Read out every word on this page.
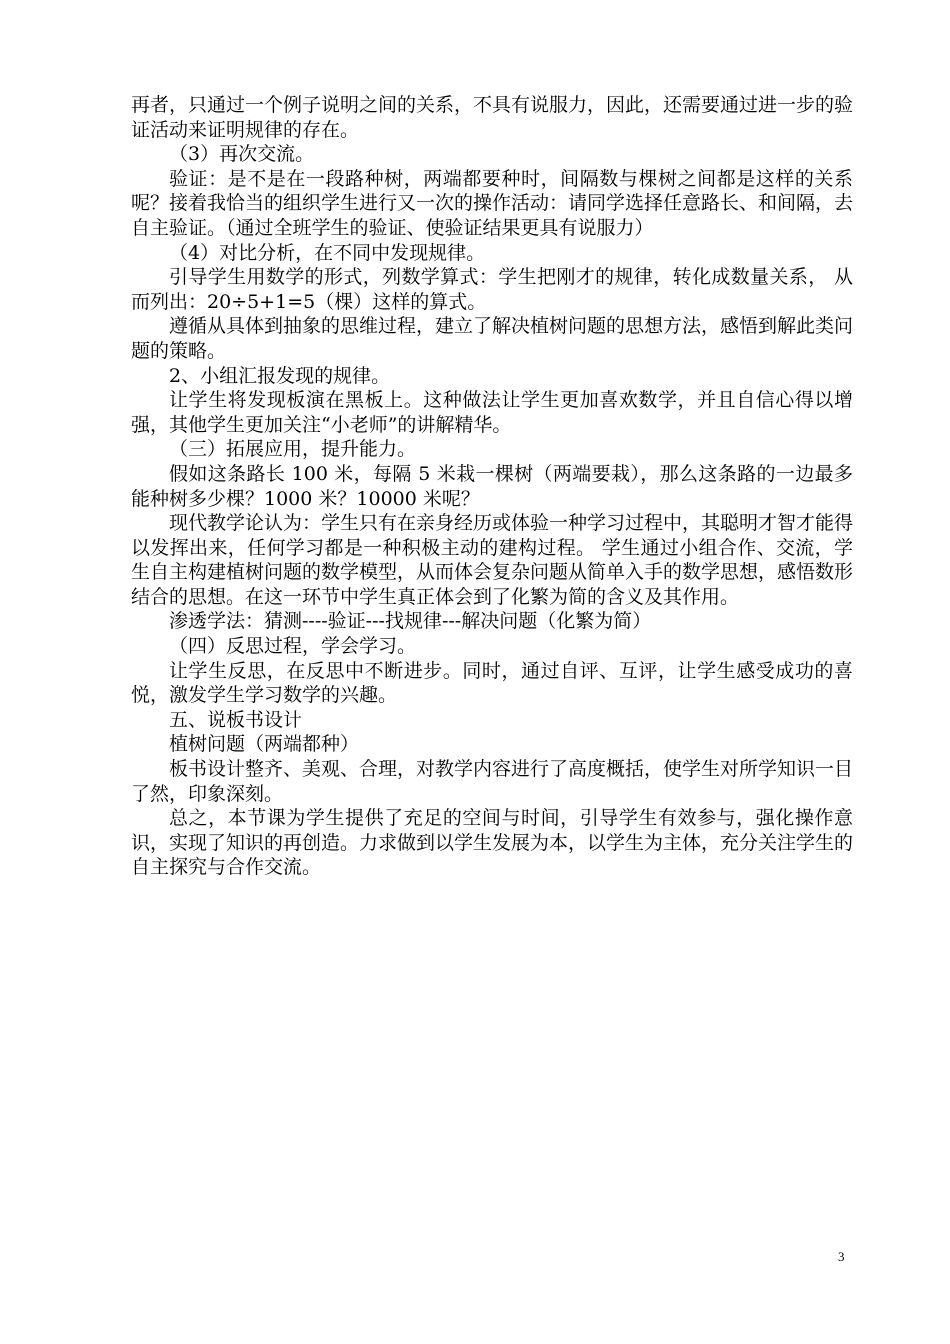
再者，只通过一个例子说明之间的关系，不具有说服力，因此，还需要通过进一步的验证活动来证明规律的存在。

（3）再次交流。

验证：是不是在一段路种树，两端都要种时，间隔数与棵树之间都是这样的关系呢？接着我恰当的组织学生进行又一次的操作活动：请同学选择任意路长、和间隔，去自主验证。（通过全班学生的验证、使验证结果更具有说服力）

（4）对比分析，在不同中发现规律。

引导学生用数学的形式，列数学算式：学生把刚才的规律，转化成数量关系， 从而列出：20÷5+1=5（棵）这样的算式。

遵循从具体到抽象的思维过程，建立了解决植树问题的思想方法，感悟到解此类问题的策略。

2、小组汇报发现的规律。

让学生将发现板演在黑板上。这种做法让学生更加喜欢数学，并且自信心得以增强，其他学生更加关注“小老师”的讲解精华。

（三）拓展应用，提升能力。

假如这条路长 100 米，每隔 5 米栽一棵树（两端要栽），那么这条路的一边最多能种树多少棵？1000 米？10000 米呢？

现代教学论认为：学生只有在亲身经历或体验一种学习过程中，其聪明才智才能得以发挥出来，任何学习都是一种积极主动的建构过程。 学生通过小组合作、交流，学生自主构建植树问题的数学模型，从而体会复杂问题从简单入手的数学思想，感悟数形结合的思想。在这一环节中学生真正体会到了化繁为简的含义及其作用。

渗透学法：猜测----验证---找规律---解决问题（化繁为简）

（四）反思过程，学会学习。

让学生反思，在反思中不断进步。同时，通过自评、互评，让学生感受成功的喜悦，激发学生学习数学的兴趣。

五、说板书设计

植树问题（两端都种）

板书设计整齐、美观、合理，对教学内容进行了高度概括，使学生对所学知识一目了然，印象深刻。

总之，本节课为学生提供了充足的空间与时间，引导学生有效参与，强化操作意识，实现了知识的再创造。力求做到以学生发展为本，以学生为主体，充分关注学生的自主探究与合作交流。

3
